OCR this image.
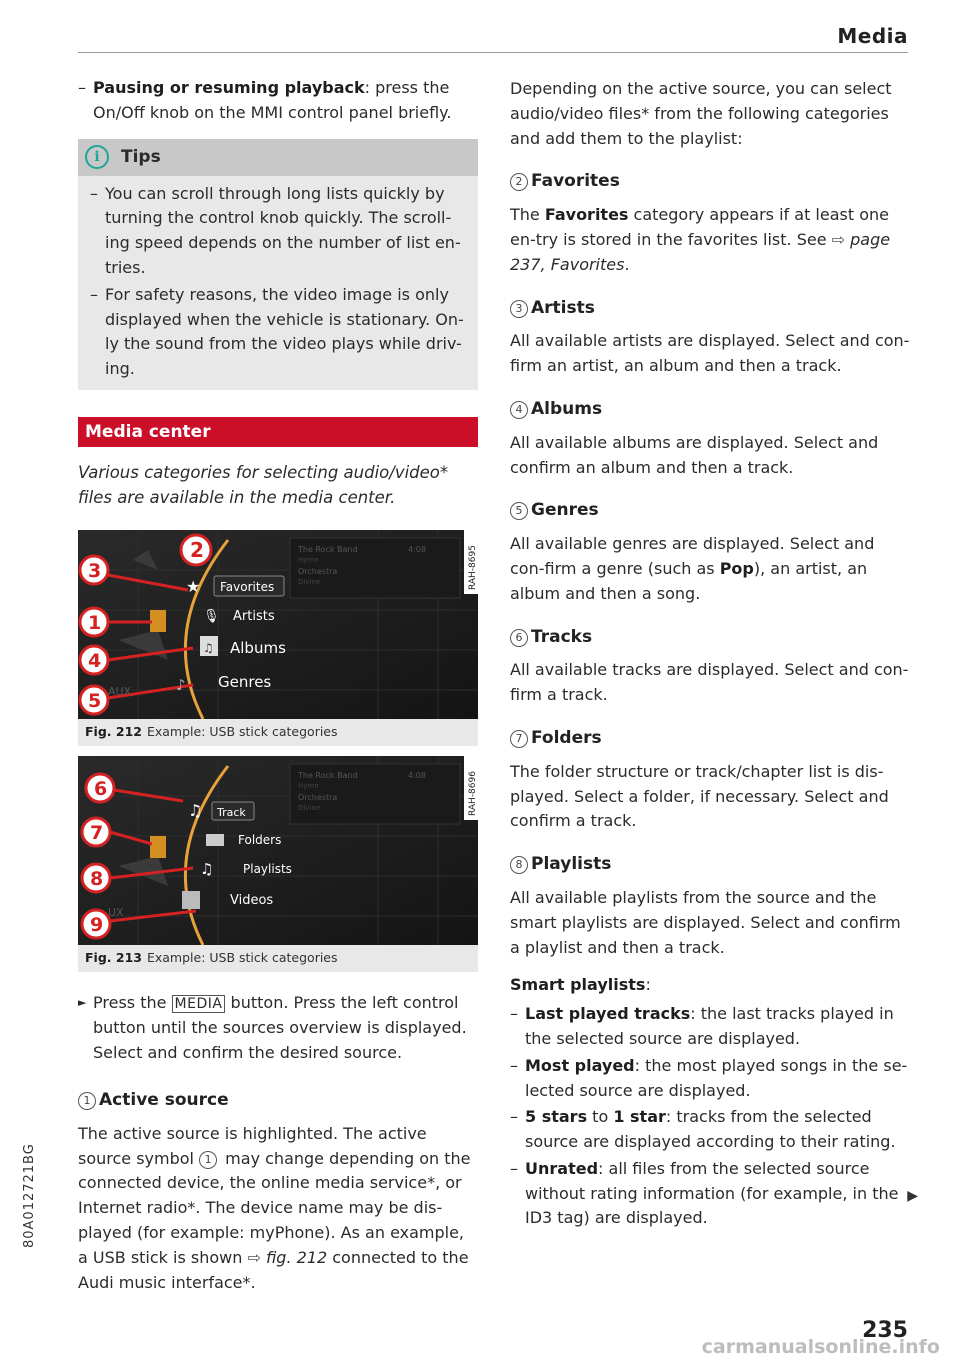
Media
– Pausing or resuming playback: press the On/Off knob on the MMI control panel briefly.
i	Tips
– You can scroll through long lists quickly by turning the control knob quickly. The scroll-ing speed depends on the number of list en-tries.
– For safety reasons, the video image is only displayed when the vehicle is stationary. On-ly the sound from the video plays while driv-ing.
Media center
Various categories for selecting audio/video* files are available in the media center.
The Rock Band	4:08
Hymn
Orchestra
Divine	RAH-8695
2
3
1
4
5 AUX
★ Favorites
🎙 Artists
♫ Albums
♪ Genres
Fig. 212 Example: USB stick categories
The Rock Band	4:08
Hymn
Orchestra
Divine	RAH-8696
6
7
8
9
UX
♫ Track
Folders
♫ Playlists
Videos
Fig. 213 Example: USB stick categories
► Press the MEDIA button. Press the left control button until the sources overview is displayed. Select and confirm the desired source.
1 Active source
The active source is highlighted. The active source symbol 1 may change depending on the connected device, the online media service*, or Internet radio*. The device name may be dis-played (for example: myPhone). As an example, a USB stick is shown ⇨ fig. 212 connected to the Audi music interface*.
Depending on the active source, you can select audio/video files* from the following categories and add them to the playlist:
2 Favorites
The Favorites category appears if at least one en-try is stored in the favorites list. See ⇨ page 237, Favorites.
3 Artists
All available artists are displayed. Select and con-firm an artist, an album and then a track.
4 Albums
All available albums are displayed. Select and confirm an album and then a track.
5 Genres
All available genres are displayed. Select and con-firm a genre (such as Pop), an artist, an album and then a song.
6 Tracks
All available tracks are displayed. Select and con-firm a track.
7 Folders
The folder structure or track/chapter list is dis-played. Select a folder, if necessary. Select and confirm a track.
8 Playlists
All available playlists from the source and the smart playlists are displayed. Select and confirm a playlist and then a track.
Smart playlists:
– Last played tracks: the last tracks played in the selected source are displayed.
– Most played: the most played songs in the se-lected source are displayed.
– 5 stars to 1 star: tracks from the selected source are displayed according to their rating.
– Unrated: all files from the selected source without rating information (for example, in the ID3 tag) are displayed.
▶
80A012721BG
235
carmanualsonline.info
